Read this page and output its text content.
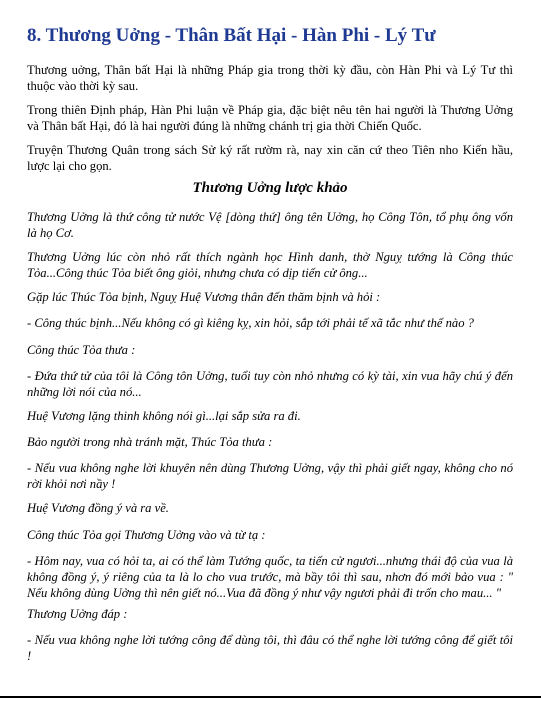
8. Thương Uởng - Thân Bất Hại - Hàn Phi - Lý Tư

Thương uởng, Thân bất Hại là những Pháp gia trong thời kỳ đầu, còn Hàn Phi và Lý Tư thì thuộc vào thời kỳ sau.

Trong thiên Định pháp, Hàn Phi luận về Pháp gia, đặc biệt nêu tên hai người là Thương Uởng và Thân bất Hại, đó là hai người đúng là những chánh trị gia thời Chiến Quốc.

Truyện Thương Quân trong sách Sử ký rất rườm rà, nay xin căn cứ theo Tiên nho Kiến hầu, lược lại cho gọn.

Thương Uởng lược khảo

Thương Uởng là thứ công tử nước Vệ [dòng thứ] ông tên Uởng, họ Công Tôn, tổ phụ ông vốn là họ Cơ.

Thương Uởng lúc còn nhỏ rất thích ngành học Hình danh, thờ Nguỵ tướng là Công thúc Tỏa...Công thúc Tỏa biết ông giỏi, nhưng chưa có dịp tiến cử ông...

Gặp lúc Thúc Tỏa bịnh, Nguỵ Huệ Vương thân đến thăm bịnh và hỏi :

- Công thúc bịnh...Nếu không có gì kiêng kỵ, xin hỏi, sắp tới phải tế xã tắc như thế nào ?

Công thúc Tỏa thưa :

- Đứa thứ tử của tôi là Công tôn Uởng, tuổi tuy còn nhỏ nhưng có kỳ tài, xin vua hãy chú ý đến những lời nói của nó...

Huệ Vương lặng thinh không nói gì...lại sắp sửa ra đi.

Bảo người trong nhà tránh mặt, Thúc Tỏa thưa :

- Nếu vua không nghe lời khuyên nên dùng Thương Uởng, vậy thì phải giết ngay, không cho nó rời khỏi nơi nầy !

Huệ Vương đồng ý và ra về.

Công thúc Tỏa gọi Thương Uởng vào và từ tạ :

- Hôm nay, vua có hỏi ta, ai có thể làm Tướng quốc, ta tiến cử ngươi...nhưng thái độ của vua là không đồng ý, ý riêng của ta là lo cho vua trước, mà bầy tôi thì sau, nhơn đó mới bảo vua : " Nếu không dùng Uởng thì nên giết nó...Vua đã đồng ý như vậy ngươi phải đi trốn cho mau... "

Thương Uởng đáp :

- Nếu vua không nghe lời tướng công để dùng tôi, thì đâu có thể nghe lời tướng công để giết tôi !
